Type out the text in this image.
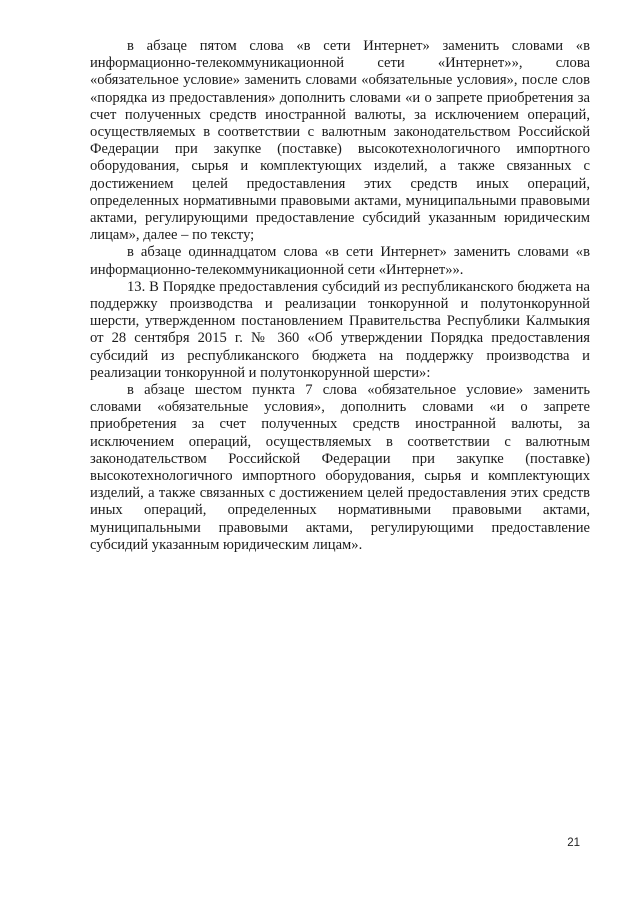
в абзаце пятом слова «в сети Интернет» заменить словами «в информационно-телекоммуникационной сети «Интернет»», слова «обязательное условие» заменить словами «обязательные условия», после слов «порядка из предоставления» дополнить словами «и о запрете приобретения за счет полученных средств иностранной валюты, за исключением операций, осуществляемых в соответствии с валютным законодательством Российской Федерации при закупке (поставке) высокотехнологичного импортного оборудования, сырья и комплектующих изделий, а также связанных с достижением целей предоставления этих средств иных операций, определенных нормативными правовыми актами, муниципальными правовыми актами, регулирующими предоставление субсидий указанным юридическим лицам», далее – по тексту;

в абзаце одиннадцатом слова «в сети Интернет» заменить словами «в информационно-телекоммуникационной сети «Интернет»».

13. В Порядке предоставления субсидий из республиканского бюджета на поддержку производства и реализации тонкорунной и полутонкорунной шерсти, утвержденном постановлением Правительства Республики Калмыкия от 28 сентября 2015 г. № 360 «Об утверждении Порядка предоставления субсидий из республиканского бюджета на поддержку производства и реализации тонкорунной и полутонкорунной шерсти»:

в абзаце шестом пункта 7 слова «обязательное условие» заменить словами «обязательные условия», дополнить словами «и о запрете приобретения за счет полученных средств иностранной валюты, за исключением операций, осуществляемых в соответствии с валютным законодательством Российской Федерации при закупке (поставке) высокотехнологичного импортного оборудования, сырья и комплектующих изделий, а также связанных с достижением целей предоставления этих средств иных операций, определенных нормативными правовыми актами, муниципальными правовыми актами, регулирующими предоставление субсидий указанным юридическим лицам».

21
